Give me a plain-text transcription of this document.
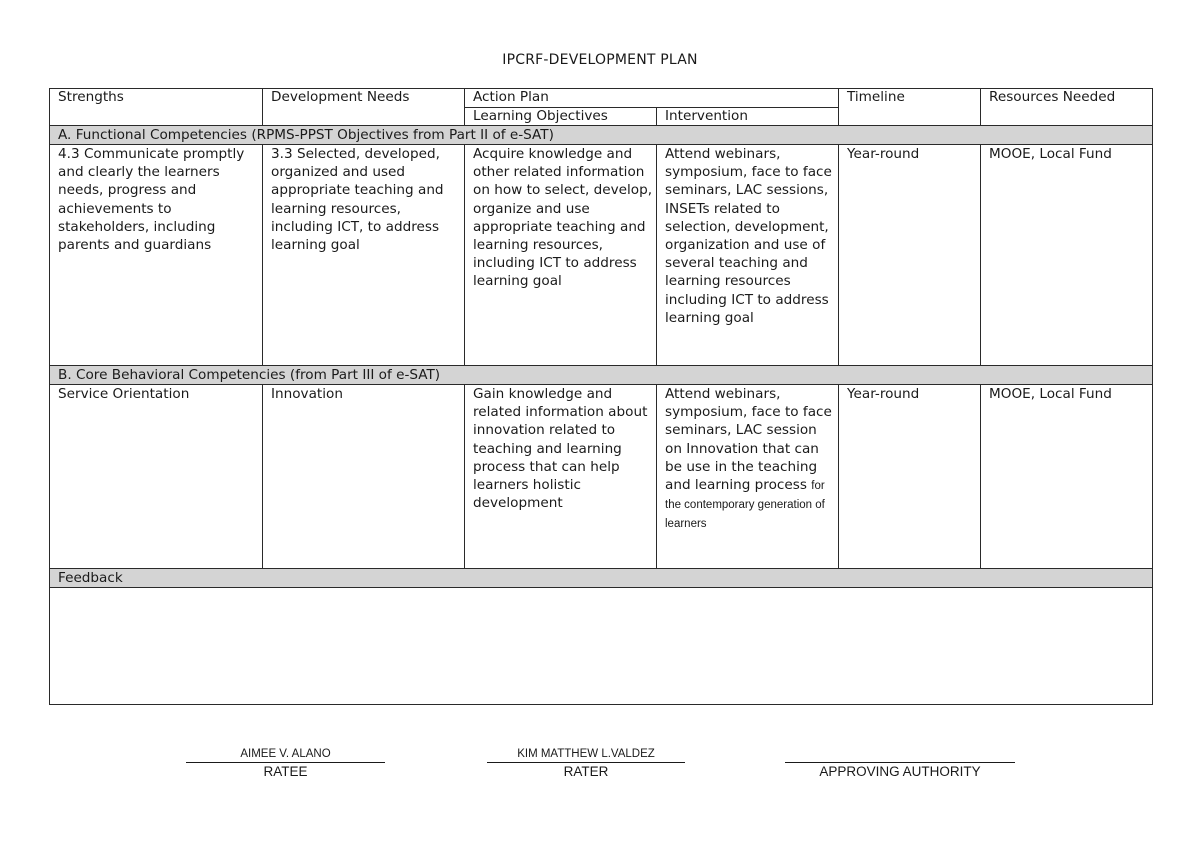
IPCRF-DEVELOPMENT PLAN
Strengths	Development Needs	Action Plan		Timeline	Resources Needed
		Learning Objectives	Intervention		
A. Functional Competencies (RPMS-PPST Objectives from Part II of e-SAT)					
4.3 Communicate promptly and clearly the learners needs, progress and achievements to stakeholders, including parents and guardians	3.3 Selected, developed, organized and used appropriate teaching and learning resources, including ICT, to address learning goal	Acquire knowledge and other related information on how to select, develop, organize and use appropriate teaching and learning resources, including ICT to address learning goal	Attend webinars, symposium, face to face seminars, LAC sessions, INSETs related to selection, development, organization and use of several teaching and learning resources including ICT to address learning goal	Year-round	MOOE, Local Fund
B. Core Behavioral Competencies (from Part III of e-SAT)					
Service Orientation	Innovation	Gain knowledge and related information about innovation related to teaching and learning process that can help learners holistic development	Attend webinars, symposium, face to face seminars, LAC session on Innovation that can be use in the teaching and learning process for the contemporary generation of learners	Year-round	MOOE, Local Fund
Feedback					

AIMEE V. ALANO
RATEE
KIM MATTHEW L.VALDEZ
RATER	APPROVING AUTHORITY
